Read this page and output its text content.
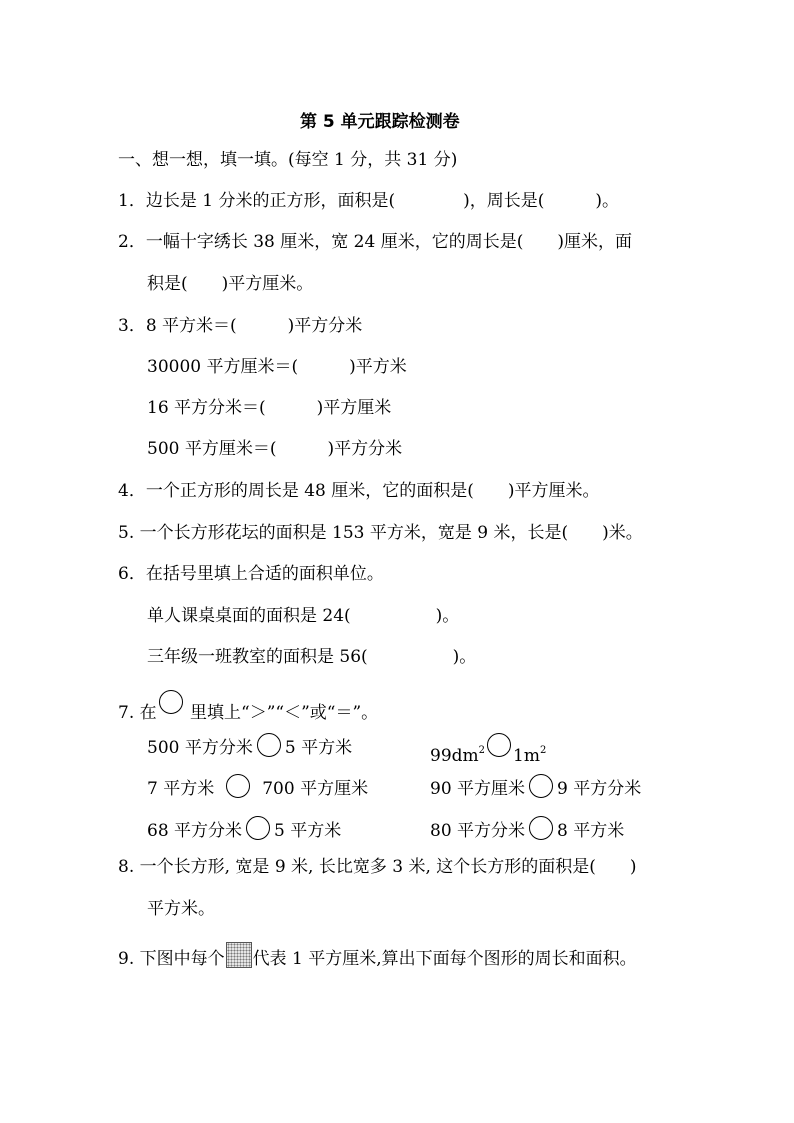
第 5 单元跟踪检测卷
一、想一想，填一填。(每空 1 分，共 31 分)
1．边长是 1 分米的正方形，面积是(　　　　)，周长是(　　　)。
2．一幅十字绣长 38 厘米，宽 24 厘米，它的周长是(　　)厘米，面
积是(　　)平方厘米。
3．8 平方米＝(　　　)平方分米
30000 平方厘米＝(　　　)平方米
16 平方分米＝(　　　)平方厘米
500 平方厘米＝(　　　)平方分米
4．一个正方形的周长是 48 厘米，它的面积是(　　)平方厘米。
5. 一个长方形花坛的面积是 153 平方米，宽是 9 米，长是(　　)米。
6．在括号里填上合适的面积单位。
单人课桌桌面的面积是 24(　　　　　)。
三年级一班教室的面积是 56(　　　　　)。
7. 在 里填上“＞”“＜”或“＝”。
500 平方分米 5 平方米	$99dm^2$ $1m^2$
7 平方米	700 平方厘米	90 平方厘米 9 平方分米
68 平方分米 5 平方米	80 平方分米 8 平方米
8. 一个长方形, 宽是 9 米, 长比宽多 3 米, 这个长方形的面积是(　　)
平方米。
9. 下图中每个 代表 1 平方厘米,算出下面每个图形的周长和面积。
